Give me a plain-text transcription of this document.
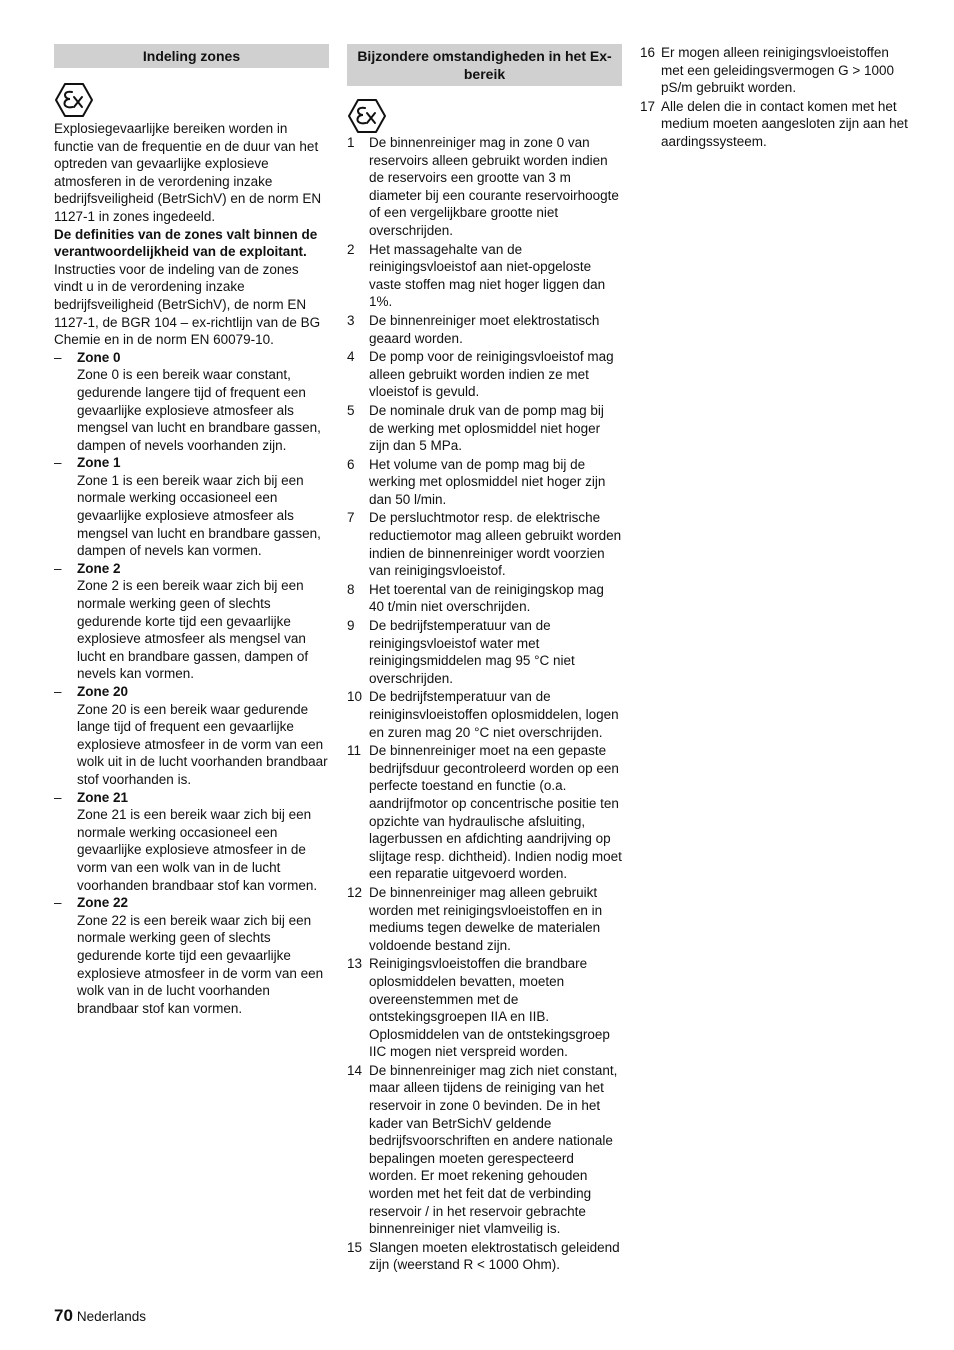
Indeling zones

Explosiegevaarlijke bereiken worden in functie van de frequentie en de duur van het optreden van gevaarlijke explosieve atmosferen in de verordening inzake bedrijfsveiligheid (BetrSichV) en de norm EN 1127-1 in zones ingedeeld.

De definities van de zones valt binnen de verantwoordelijkheid van de exploitant.

Instructies voor de indeling van de zones vindt u in de verordening inzake bedrijfsveiligheid (BetrSichV), de norm EN 1127-1, de BGR 104 – ex-richtlijn van de BG Chemie en in de norm EN 60079-10.

– Zone 0
Zone 0 is een bereik waar constant, gedurende langere tijd of frequent een gevaarlijke explosieve atmosfeer als mengsel van lucht en brandbare gassen, dampen of nevels voorhanden zijn.
– Zone 1
Zone 1 is een bereik waar zich bij een normale werking occasioneel een gevaarlijke explosieve atmosfeer als mengsel van lucht en brandbare gassen, dampen of nevels kan vormen.
– Zone 2
Zone 2 is een bereik waar zich bij een normale werking geen of slechts gedurende korte tijd een gevaarlijke explosieve atmosfeer als mengsel van lucht en brandbare gassen, dampen of nevels kan vormen.
– Zone 20
Zone 20 is een bereik waar gedurende lange tijd of frequent een gevaarlijke explosieve atmosfeer in de vorm van een wolk uit in de lucht voorhanden brandbaar stof voorhanden is.
– Zone 21
Zone 21 is een bereik waar zich bij een normale werking occasioneel een gevaarlijke explosieve atmosfeer in de vorm van een wolk van in de lucht voorhanden brandbaar stof kan vormen.
– Zone 22
Zone 22 is een bereik waar zich bij een normale werking geen of slechts gedurende korte tijd een gevaarlijke explosieve atmosfeer in de vorm van een wolk van in de lucht voorhanden brandbaar stof kan vormen.
Bijzondere omstandigheden in het Ex-bereik
1 De binnenreiniger mag in zone 0 van reservoirs alleen gebruikt worden indien de reservoirs een grootte van 3 m diameter bij een courante reservoirhoogte of een vergelijkbare grootte niet overschrijden.
2 Het massagehalte van de reinigingsvloeistof aan niet-opgeloste vaste stoffen mag niet hoger liggen dan 1%.
3 De binnenreiniger moet elektrostatisch geaard worden.
4 De pomp voor de reinigingsvloeistof mag alleen gebruikt worden indien ze met vloeistof is gevuld.
5 De nominale druk van de pomp mag bij de werking met oplosmiddel niet hoger zijn dan 5 MPa.
6 Het volume van de pomp mag bij de werking met oplosmiddel niet hoger zijn dan 50 l/min.
7 De persluchtmotor resp. de elektrische reductiemotor mag alleen gebruikt worden indien de binnenreiniger wordt voorzien van reinigingsvloeistof.
8 Het toerental van de reinigingskop mag 40 t/min niet overschrijden.
9 De bedrijfstemperatuur van de reinigingsvloeistof water met reinigingsmiddelen mag 95 °C niet overschrijden.
10 De bedrijfstemperatuur van de reiniginsvloeistoffen oplosmiddelen, logen en zuren mag 20 °C niet overschrijden.
11 De binnenreiniger moet na een gepaste bedrijfsduur gecontroleerd worden op een perfecte toestand en functie (o.a. aandrijfmotor op concentrische positie ten opzichte van hydraulische afsluiting, lagerbussen en afdichting aandrijving op slijtage resp. dichtheid). Indien nodig moet een reparatie uitgevoerd worden.
12 De binnenreiniger mag alleen gebruikt worden met reinigingsvloeistoffen en in mediums tegen dewelke de materialen voldoende bestand zijn.
13 Reinigingsvloeistoffen die brandbare oplosmiddelen bevatten, moeten overeenstemmen met de ontstekingsgroepen IIA en IIB. Oplosmiddelen van de ontstekingsgroep IIC mogen niet verspreid worden.
14 De binnenreiniger mag zich niet constant, maar alleen tijdens de reiniging van het reservoir in zone 0 bevinden. De in het kader van BetrSichV geldende bedrijfsvoorschriften en andere nationale bepalingen moeten gerespecteerd worden. Er moet rekening gehouden worden met het feit dat de verbinding reservoir / in het reservoir gebrachte binnenreiniger niet vlamveilig is.
15 Slangen moeten elektrostatisch geleidend zijn (weerstand R < 1000 Ohm).
16 Er mogen alleen reinigingsvloeistoffen met een geleidingsvermogen G > 1000 pS/m gebruikt worden.
17 Alle delen die in contact komen met het medium moeten aangesloten zijn aan het aardingssysteem.
70 Nederlands
